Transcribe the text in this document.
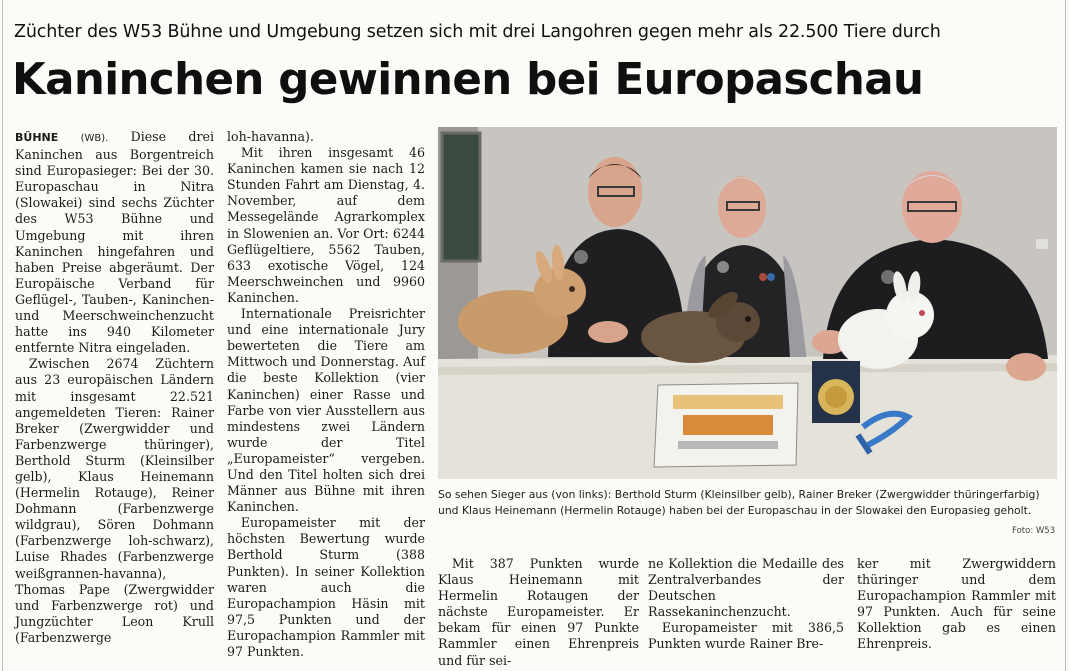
Züchter des W53 Bühne und Umgebung setzen sich mit drei Langohren gegen mehr als 22.500 Tiere durch
Kaninchen gewinnen bei Europaschau

BÜHNE (WB). Diese drei Kaninchen aus Borgentreich sind Europasieger: Bei der 30. Europaschau in Nitra (Slowakei) sind sechs Züchter des W53 Bühne und Umgebung mit ihren Kaninchen hingefahren und haben Preise abgeräumt. Der Europäische Verband für Geflügel-, Tauben-, Kaninchen- und Meerschweinchenzucht hatte ins 940 Kilometer entfernte Nitra eingeladen.

Zwischen 2674 Züchtern aus 23 europäischen Ländern mit insgesamt 22.521 angemeldeten Tieren: Rainer Breker (Zwergwidder und Farbenzwerge thüringer), Berthold Sturm (Kleinsilber gelb), Klaus Heinemann (Hermelin Rotauge), Reiner Dohmann (Farbenzwerge wildgrau), Sören Dohmann (Farbenzwerge loh-schwarz), Luise Rhades (Farbenzwerge weißgrannen-havanna), Thomas Pape (Zwergwidder und Farbenzwerge rot) und Jungzüchter Leon Krull (Farbenzwerge

loh-havanna).

Mit ihren insgesamt 46 Kaninchen kamen sie nach 12 Stunden Fahrt am Dienstag, 4. November, auf dem Messegelände Agrarkomplex in Slowenien an. Vor Ort: 6244 Geflügeltiere, 5562 Tauben, 633 exotische Vögel, 124 Meerschweinchen und 9960 Kaninchen.

Internationale Preisrichter und eine internationale Jury bewerteten die Tiere am Mittwoch und Donnerstag. Auf die beste Kollektion (vier Kaninchen) einer Rasse und Farbe von vier Ausstellern aus mindestens zwei Ländern wurde der Titel „Europameister“ vergeben. Und den Titel holten sich drei Männer aus Bühne mit ihren Kaninchen.

Europameister mit der höchsten Bewertung wurde Berthold Sturm (388 Punkten). In seiner Kollektion waren auch die Europachampion Häsin mit 97,5 Punkten und der Europachampion Rammler mit 97 Punkten.

So sehen Sieger aus (von links): Berthold Sturm (Kleinsilber gelb), Rainer Breker (Zwergwidder thüringerfarbig)
und Klaus Heinemann (Hermelin Rotauge) haben bei der Europaschau in der Slowakei den Europasieg geholt.
Foto: W53

Mit 387 Punkten wurde Klaus Heinemann mit Hermelin Rotaugen der nächste Europameister. Er bekam für einen 97 Punkte Rammler einen Ehrenpreis und für sei-

ne Kollektion die Medaille des Zentralverbandes der Deutschen Rassekaninchenzucht.

Europameister mit 386,5 Punkten wurde Rainer Bre-

ker mit Zwergwiddern thüringer und dem Europachampion Rammler mit 97 Punkten. Auch für seine Kollektion gab es einen Ehrenpreis.
